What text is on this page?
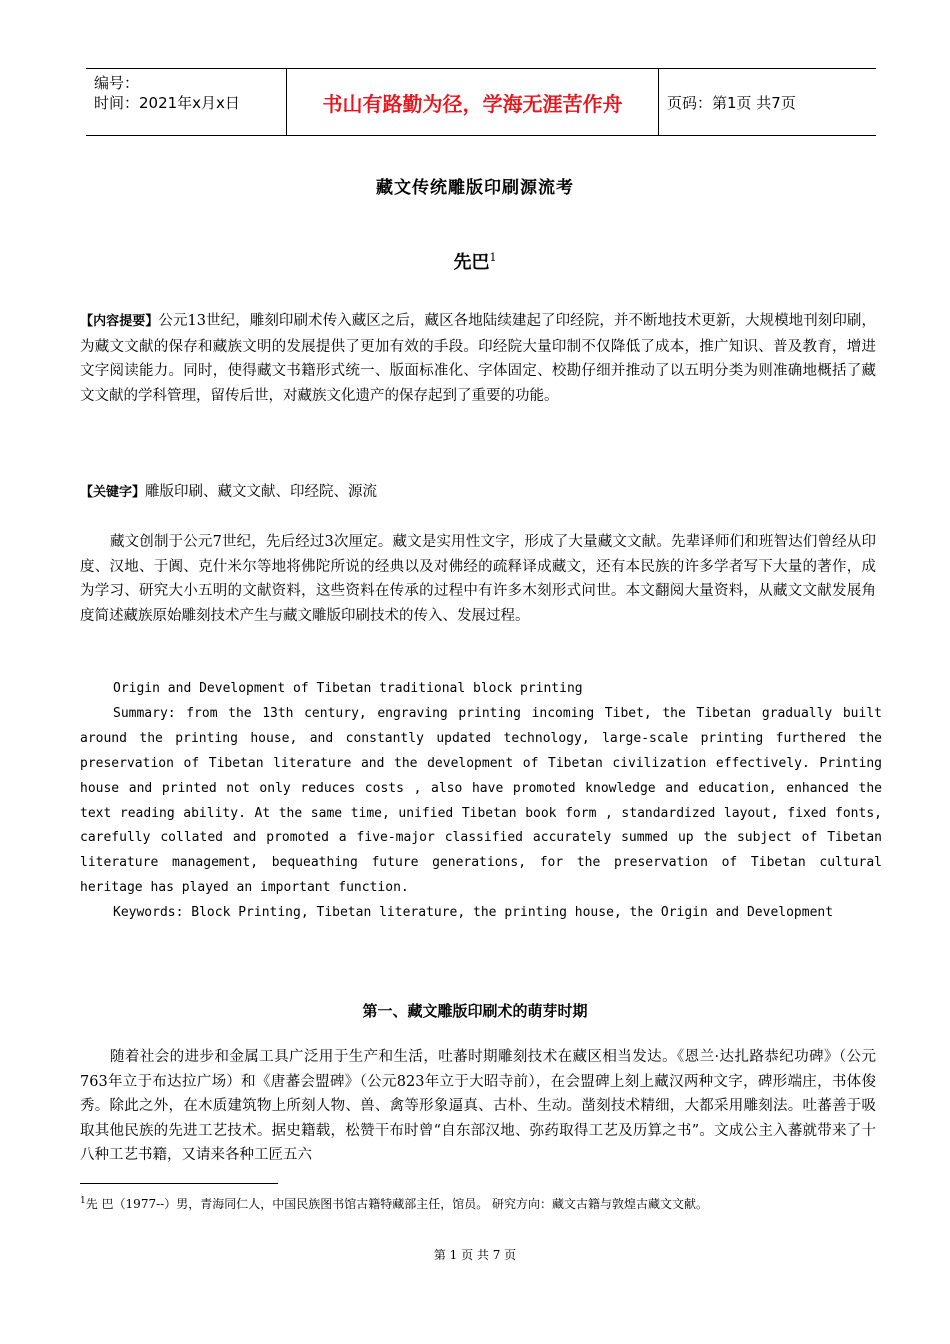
编号：
时间：2021年x月x日	书山有路勤为径，学海无涯苦作舟	页码：第1页 共7页
藏文传统雕版印刷源流考
先巴$^1$

【内容提要】公元13世纪，雕刻印刷术传入藏区之后，藏区各地陆续建起了印经院，并不断地技术更新，大规模地刊刻印刷，为藏文文献的保存和藏族文明的发展提供了更加有效的手段。印经院大量印制不仅降低了成本，推广知识、普及教育，增进文字阅读能力。同时，使得藏文书籍形式统一、版面标准化、字体固定、校勘仔细并推动了以五明分类为则准确地概括了藏文文献的学科管理，留传后世，对藏族文化遗产的保存起到了重要的功能。

【关键字】雕版印刷、藏文文献、印经院、源流

藏文创制于公元7世纪，先后经过3次厘定。藏文是实用性文字，形成了大量藏文文献。先辈译师们和班智达们曾经从印度、汉地、于阗、克什米尔等地将佛陀所说的经典以及对佛经的疏释译成藏文，还有本民族的许多学者写下大量的著作，成为学习、研究大小五明的文献资料，这些资料在传承的过程中有许多木刻形式问世。本文翻阅大量资料，从藏文文献发展角度简述藏族原始雕刻技术产生与藏文雕版印刷技术的传入、发展过程。

Origin and Development of Tibetan traditional block printing
Summary: from the 13th century, engraving printing incoming Tibet, the Tibetan gradually built around the printing house, and constantly updated technology, large-scale printing furthered the preservation of Tibetan literature and the development of Tibetan civilization effectively. Printing house and printed not only reduces costs , also have promoted knowledge and education, enhanced the text reading ability. At the same time, unified Tibetan book form , standardized layout, fixed fonts, carefully collated and promoted a five-major classified accurately summed up the subject of Tibetan literature management, bequeathing future generations, for the preservation of Tibetan cultural heritage has played an important function.
Keywords: Block Printing, Tibetan literature, the printing house, the Origin and Development

第一、藏文雕版印刷术的萌芽时期

随着社会的进步和金属工具广泛用于生产和生活，吐蕃时期雕刻技术在藏区相当发达。《恩兰·达扎路恭纪功碑》（公元763年立于布达拉广场）和《唐蕃会盟碑》（公元823年立于大昭寺前），在会盟碑上刻上藏汉两种文字，碑形端庄，书体俊秀。除此之外，在木质建筑物上所刻人物、兽、禽等形象逼真、古朴、生动。凿刻技术精细，大都采用雕刻法。吐蕃善于吸取其他民族的先进工艺技术。据史籍载，松赞干布时曾“自东部汉地、弥药取得工艺及历算之书”。文成公主入蕃就带来了十八种工艺书籍，又请来各种工匠五六

$^1$先 巴（1977--）男，青海同仁人，中国民族图书馆古籍特藏部主任，馆员。 研究方向：藏文古籍与敦煌古藏文文献。
第 1 页 共 7 页
